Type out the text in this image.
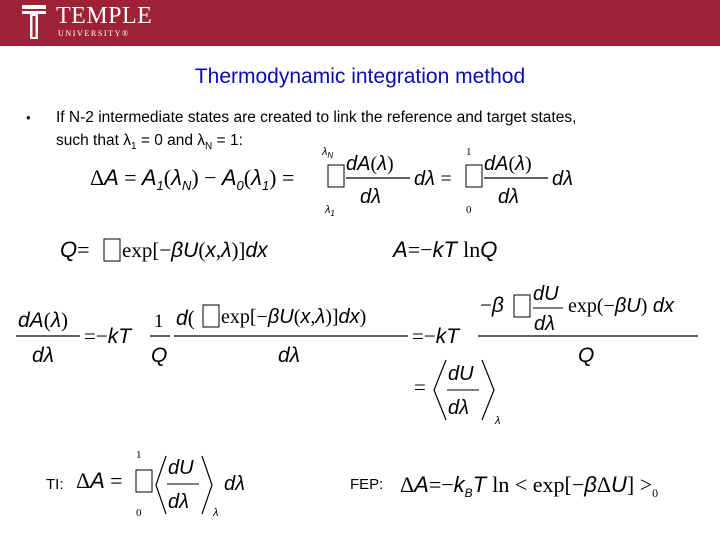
TEMPLE
UNIVERSITY®
Thermodynamic integration method
•	If N-2 intermediate states are created to link the reference and target states,

such that $\lambda_1 = 0$ and $\lambda_N = 1$:

$\Delta A = A_1(\lambda_N) - A_0(\lambda_1)$ =
$\lambda_N$
$\lambda_1$
dA(λ)
dλ
dλ =
1
0
dA(λ)
dλ
dλ
Q= exp[−βU(x,λ)]dx	A=−kT lnQ
dA(λ)
dλ
=−kT
1
Q
d( exp[−βU(x,λ)]dx)
dλ
=−kT
−β dU
dλ
exp(−βU) dx
Q
=
dU
dλ
λ
ΔA =
1
0
dU
dλ λ
dλ	$\Delta A=-k_BT$ $\ln < \exp[-\beta\Delta U] >_0$
TI:	FEP:
